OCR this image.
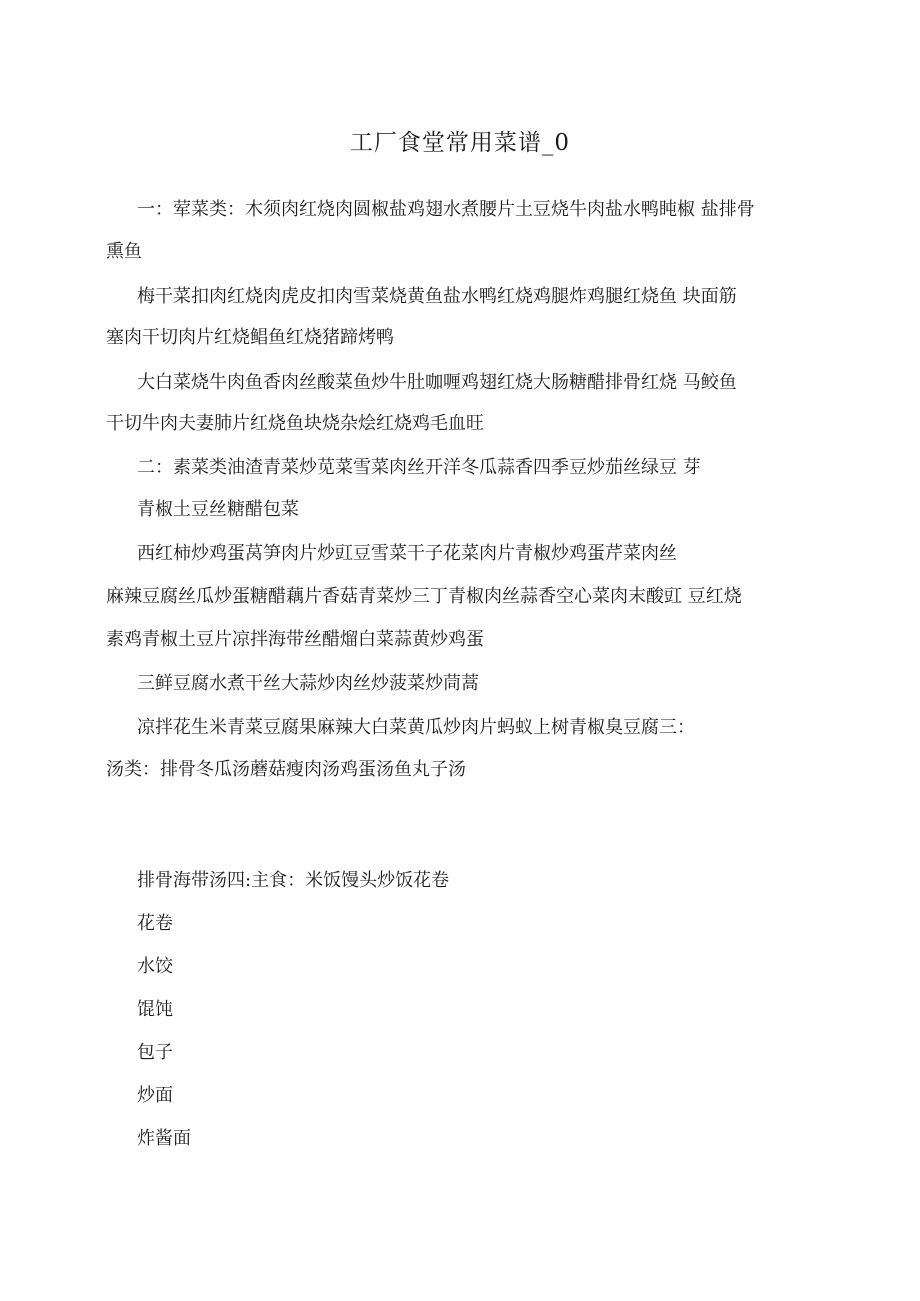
工厂食堂常用菜谱_0
一：荤菜类：木须肉红烧肉圆椒盐鸡翅水煮腰片土豆烧牛肉盐水鸭盹椒 盐排骨
熏鱼
梅干菜扣肉红烧肉虎皮扣肉雪菜烧黄鱼盐水鸭红烧鸡腿炸鸡腿红烧鱼 块面筋
塞肉干切肉片红烧鲳鱼红烧猪蹄烤鸭
大白菜烧牛肉鱼香肉丝酸菜鱼炒牛肚咖喱鸡翅红烧大肠糖醋排骨红烧 马鲛鱼
干切牛肉夫妻肺片红烧鱼块烧杂烩红烧鸡毛血旺
二：素菜类油渣青菜炒苋菜雪菜肉丝开洋冬瓜蒜香四季豆炒茄丝绿豆 芽
青椒土豆丝糖醋包菜
西红柿炒鸡蛋莴笋肉片炒豇豆雪菜干子花菜肉片青椒炒鸡蛋芹菜肉丝
麻辣豆腐丝瓜炒蛋糖醋藕片香菇青菜炒三丁青椒肉丝蒜香空心菜肉末酸豇 豆红烧
素鸡青椒土豆片凉拌海带丝醋熘白菜蒜黄炒鸡蛋
三鲜豆腐水煮干丝大蒜炒肉丝炒菠菜炒茼蒿
凉拌花生米青菜豆腐果麻辣大白菜黄瓜炒肉片蚂蚁上树青椒臭豆腐三：
汤类：排骨冬瓜汤蘑菇瘦肉汤鸡蛋汤鱼丸子汤
排骨海带汤四:主食：米饭馒头炒饭花卷
花卷
水饺
馄饨
包子
炒面
炸酱面
